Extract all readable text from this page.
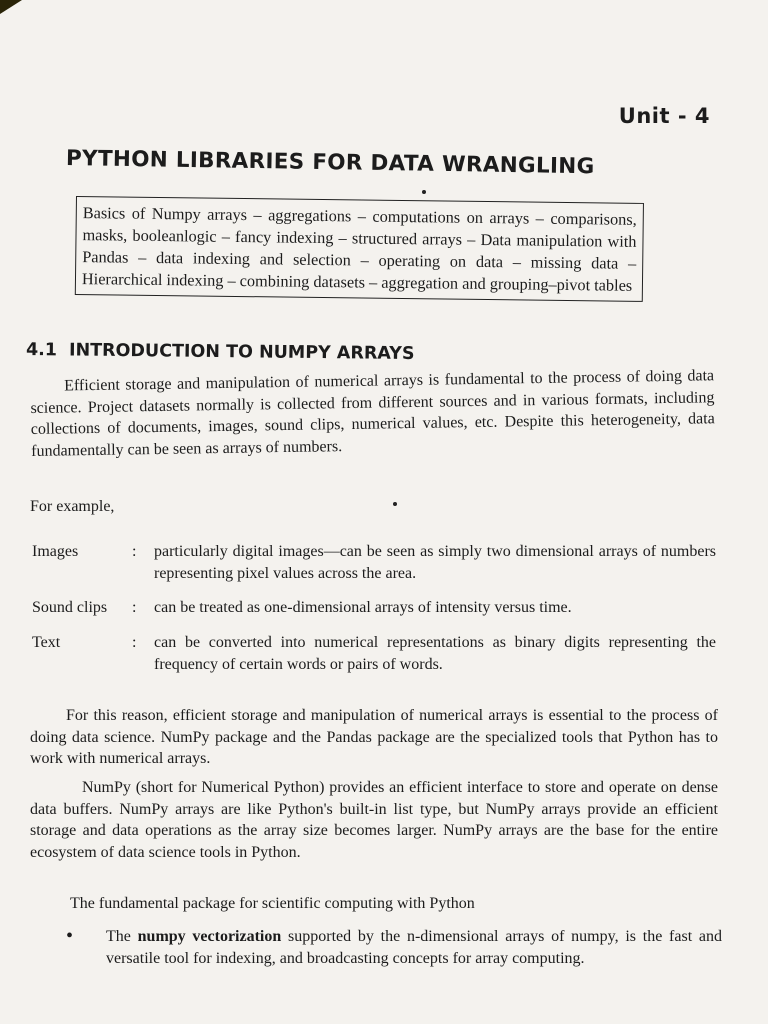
Unit - 4
PYTHON LIBRARIES FOR DATA WRANGLING
Basics of Numpy arrays – aggregations – computations on arrays – comparisons, masks, booleanlogic – fancy indexing – structured arrays – Data manipulation with Pandas – data indexing and selection – operating on data – missing data – Hierarchical indexing – combining datasets – aggregation and grouping–pivot tables
4.1 INTRODUCTION TO NUMPY ARRAYS

Efficient storage and manipulation of numerical arrays is fundamental to the process of doing data science. Project datasets normally is collected from different sources and in various formats, including collections of documents, images, sound clips, numerical values, etc. Despite this heterogeneity, data fundamentally can be seen as arrays of numbers.

For example,

Images	:	particularly digital images—can be seen as simply two dimensional arrays of numbers representing pixel values across the area.
Sound clips	:	can be treated as one-dimensional arrays of intensity versus time.
Text	:	can be converted into numerical representations as binary digits representing the frequency of certain words or pairs of words.

For this reason, efficient storage and manipulation of numerical arrays is essential to the process of doing data science. NumPy package and the Pandas package are the specialized tools that Python has to work with numerical arrays.

NumPy (short for Numerical Python) provides an efficient interface to store and operate on dense data buffers. NumPy arrays are like Python's built-in list type, but NumPy arrays provide an efficient storage and data operations as the array size becomes larger. NumPy arrays are the base for the entire ecosystem of data science tools in Python.

The fundamental package for scientific computing with Python

•	The numpy vectorization supported by the n-dimensional arrays of numpy, is the fast and versatile tool for indexing, and broadcasting concepts for array computing.
